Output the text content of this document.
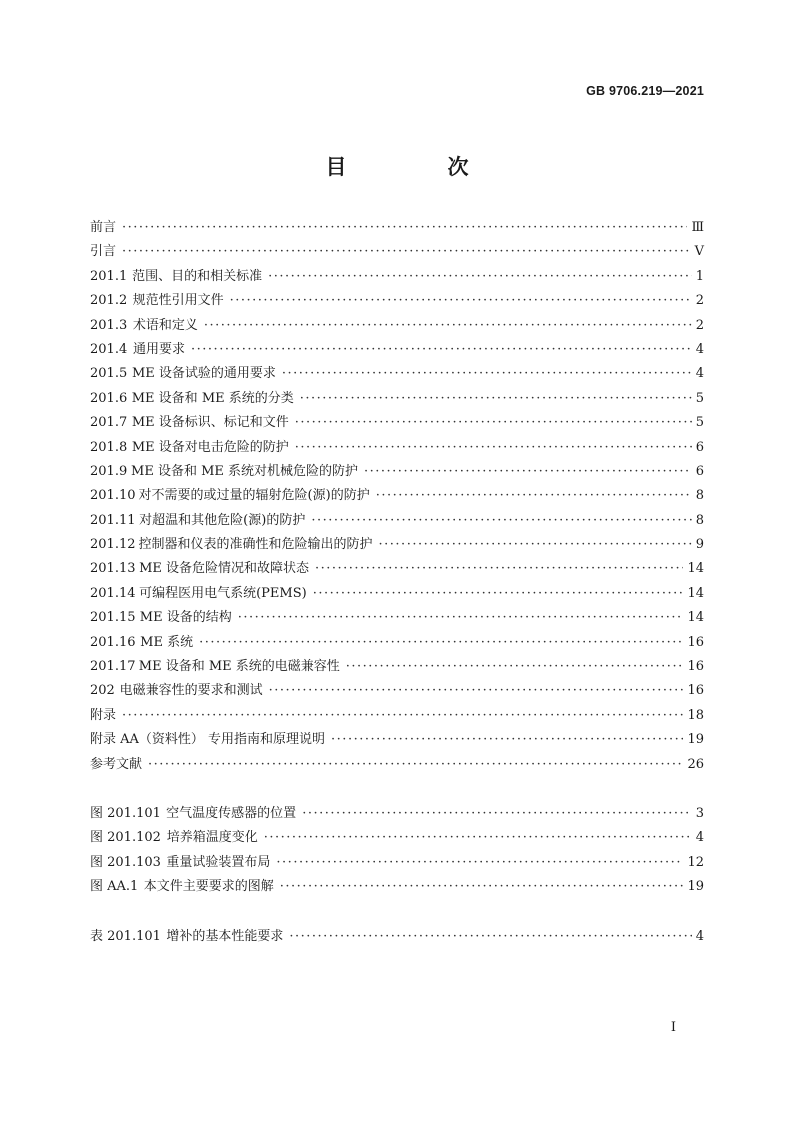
GB 9706.219—2021
目　次
前言 ·····	Ⅲ
引言 ·····	Ⅴ
201.1 范围、目的和相关标准 ·····	1
201.2 规范性引用文件 ·····	2
201.3 术语和定义 ·····	2
201.4 通用要求 ·····	4
201.5 ME 设备试验的通用要求 ·····	4
201.6 ME 设备和 ME 系统的分类 ·····	5
201.7 ME 设备标识、标记和文件 ·····	5
201.8 ME 设备对电击危险的防护 ·····	6
201.9 ME 设备和 ME 系统对机械危险的防护 ·····	6
201.10 对不需要的或过量的辐射危险(源)的防护 ·····	8
201.11 对超温和其他危险(源)的防护 ·····	8
201.12 控制器和仪表的准确性和危险输出的防护 ·····	9
201.13 ME 设备危险情况和故障状态 ·····	14
201.14 可编程医用电气系统(PEMS) ·····	14
201.15 ME 设备的结构 ·····	14
201.16 ME 系统 ·····	16
201.17 ME 设备和 ME 系统的电磁兼容性 ·····	16
202 电磁兼容性的要求和测试 ·····	16
附录 ·····	18
附录 AA（资料性） 专用指南和原理说明 ·····	19
参考文献 ·····	26
图 201.101 空气温度传感器的位置 ·····	3
图 201.102 培养箱温度变化 ·····	4
图 201.103 重量试验装置布局 ·····	12
图 AA.1 本文件主要要求的图解 ·····	19
表 201.101 增补的基本性能要求 ·····	4
I
